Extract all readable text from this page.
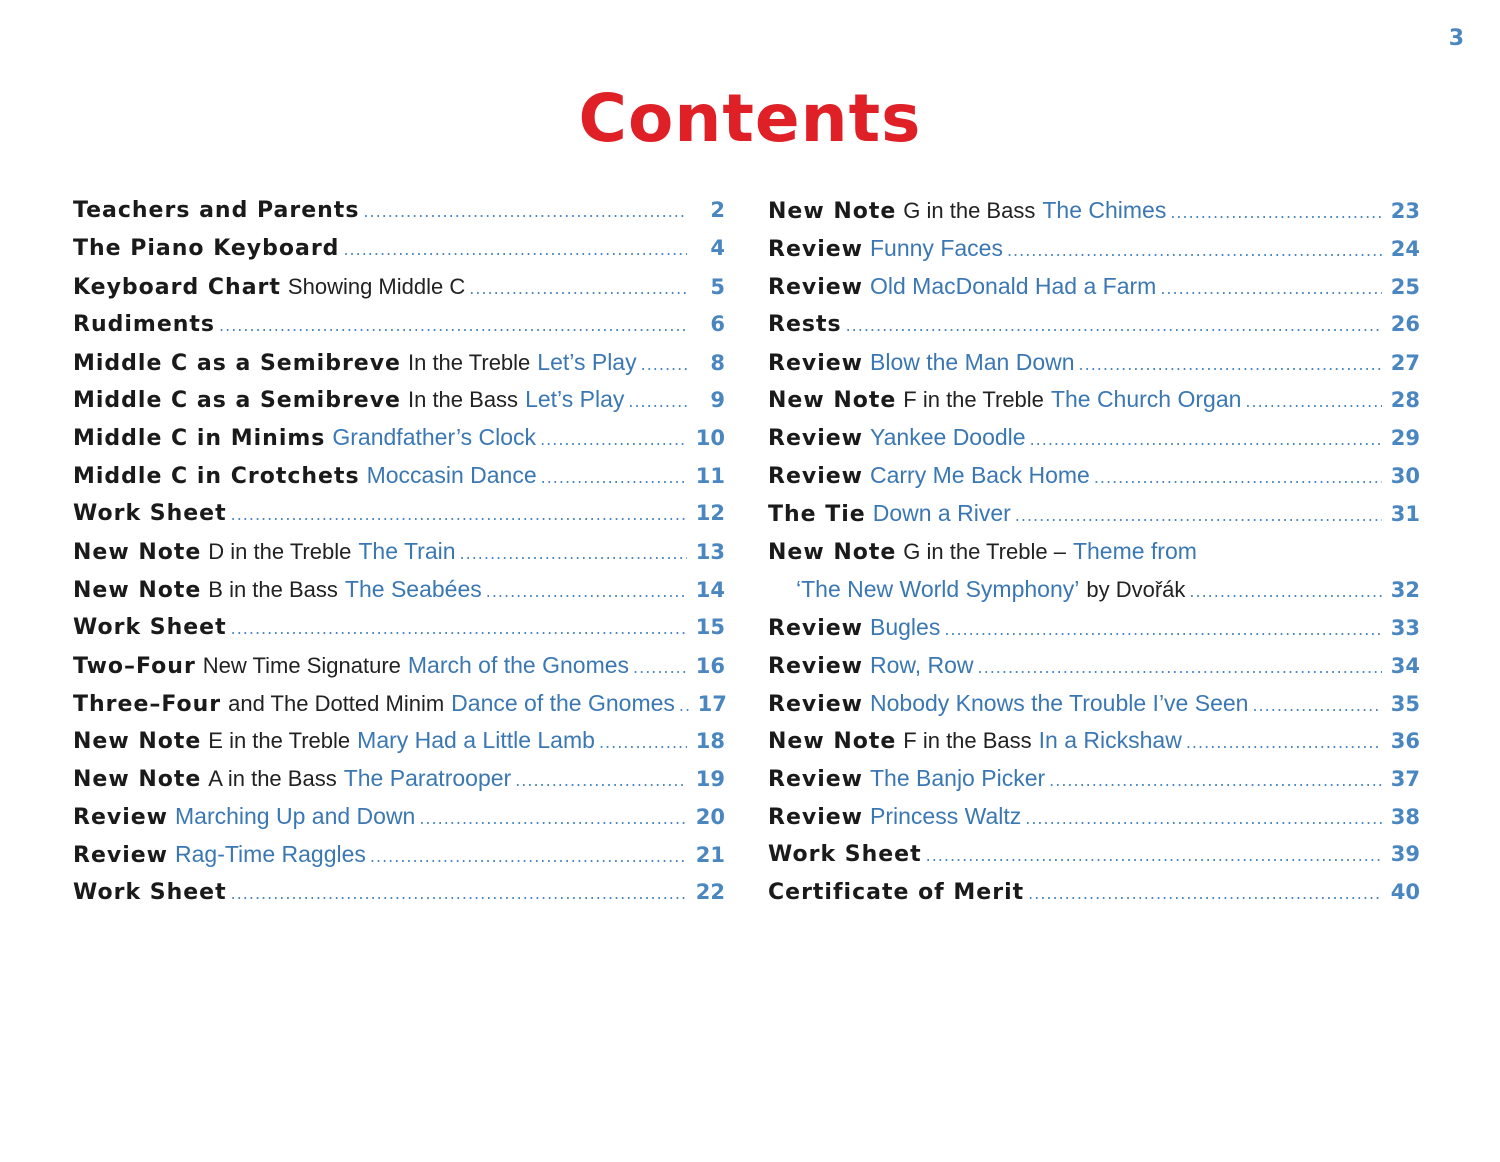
3
Contents
Teachers and Parents .....	2
The Piano Keyboard .....	4
Keyboard Chart Showing Middle C .....	5
Rudiments .....	6
Middle C as a Semibreve In the Treble Let’s Play .....	8
Middle C as a Semibreve In the Bass Let’s Play .....	9
Middle C in Minims Grandfather’s Clock .....	10
Middle C in Crotchets Moccasin Dance .....	11
Work Sheet .....	12
New Note D in the Treble The Train .....	13
New Note B in the Bass The Seabées .....	14
Work Sheet .....	15
Two–Four New Time Signature March of the Gnomes .....	16
Three–Four and The Dotted Minim Dance of the Gnomes ..... 17
New Note E in the Treble Mary Had a Little Lamb .....	18
New Note A in the Bass The Paratrooper .....	19
Review Marching Up and Down .....	20
Review Rag-Time Raggles .....	21
Work Sheet .....	22
New Note G in the Bass The Chimes .....	23
Review Funny Faces .....	24
Review Old MacDonald Had a Farm .....	25
Rests .....	26
Review Blow the Man Down .....	27
New Note F in the Treble The Church Organ .....	28
Review Yankee Doodle .....	29
Review Carry Me Back Home .....	30
The Tie Down a River .....	31
New Note G in the Treble – Theme from
‘The New World Symphony’ by Dvořák .....	32
Review Bugles .....	33
Review Row, Row .....	34
Review Nobody Knows the Trouble I’ve Seen .....	35
New Note F in the Bass In a Rickshaw .....	36
Review The Banjo Picker .....	37
Review Princess Waltz .....	38
Work Sheet .....	39
Certificate of Merit .....	40
